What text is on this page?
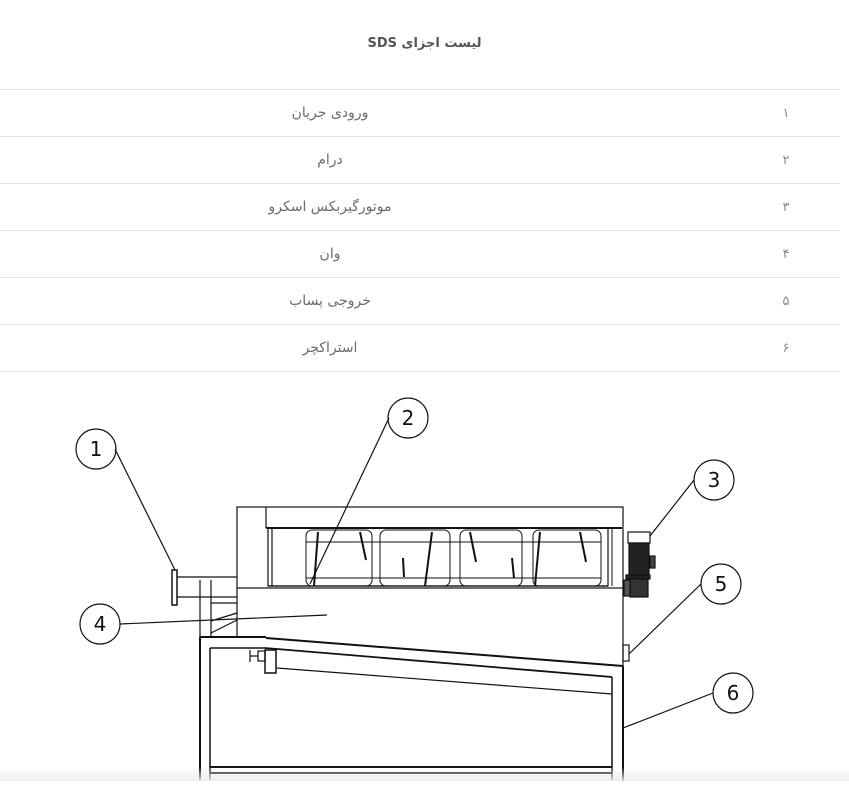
لیست اجزای SDS
۱	ورودی جریان
۲	درام
۳	موتورگیربکس اسکرو
۴	وان
۵	خروجی پساب
۶	استراکچر
1
2
3
4
5
6
